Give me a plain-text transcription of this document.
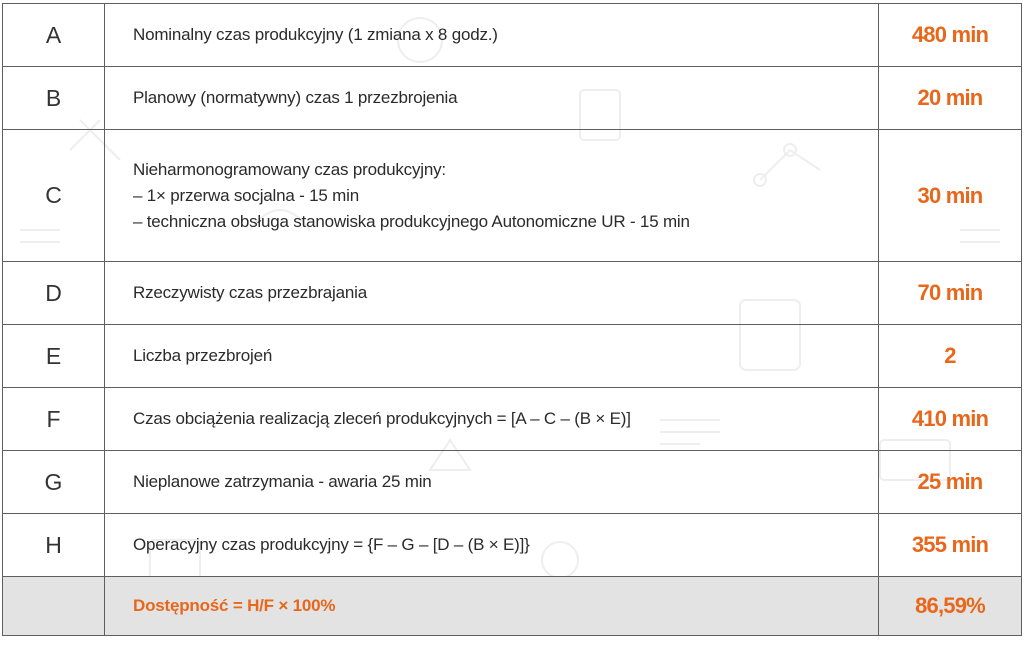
A	Nominalny czas produkcyjny (1 zmiana x 8 godz.)	480 min
B	Planowy (normatywny) czas 1 przezbrojenia	20 min
C	Nieharmonogramowany czas produkcyjny:
– 1× przerwa socjalna - 15 min
– techniczna obsługa stanowiska produkcyjnego Autonomiczne UR - 15 min	30 min
D	Rzeczywisty czas przezbrajania	70 min
E	Liczba przezbrojeń	2
F	Czas obciążenia realizacją zleceń produkcyjnych = [A – C – (B × E)]	410 min
G	Nieplanowe zatrzymania - awaria 25 min	25 min
H	Operacyjny czas produkcyjny = {F – G – [D – (B × E)]}	355 min
	Dostępność = H/F × 100%	86,59%
